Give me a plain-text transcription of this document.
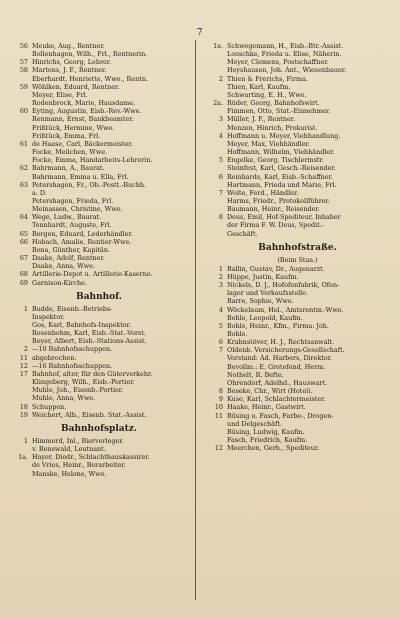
7
56 Meuke, Aug., Rentner.
Bollenhagen, Wilh., Frl., Rentnerin.
57 Hinrichs, Georg, Lehrer.
58 Martens, J. F., Rentner.
Eberhardt, Henriette, Wwe., Rentn.
59 Wöhlken, Eduard, Rentner.
Meyer, Elise, Frl.
Rodenbrock, Marie, Hausdame.
60 Eyting, Augustin, Eisb.-Rev.-Wwe.
Renmann, Ernst, Bankbeamter.
Frißtück, Hermine, Wwe.
Frißtück, Emma, Frl.
61 de Haase, Carl, Bäckermeister.
Focke, Meilchen, Wwe.
Focke, Emma, Handarbeits-Lehrerin.
62 Bahrmann, A., Baurat.
Bahrmann, Emma u. Ella, Frl.
63 Petershagen, Fr., Ob.-Postt.-Buchh.
a. D.
Petershagen, Frieda, Frl.
Meinassen, Christine, Wwe.
64 Wege, Ludw., Baurat.
Tennhardt, Auguste, Frl.
65 Bergen, Eduard, Lederhändler.
66 Hobach, Amalie, Rentier-Wwe.
Bona, Günther, Kapitän.
67 Daake, Adolf, Rentner.
Daake, Anna, Wwe.
68 Artillerie-Depot u. Artillerie-Kaserne.
69 Garnison-Kirche.
Bahnhof.
1 Budde, Eisenb.-Betriebs-
Inspektor.
Gos, Karl, Bahnhofs-Inspektor.
Rosenbohm, Karl, Eisb.-Stat.-Vorst.
Beyer, Albert, Eisb.-Stations-Assist.
2 —10 Bahnhofsschuppen.
11 abgebrochen.
12 —16 Bahnhofsschuppen.
17 Bahnhof, alter, für den Güterverkehr.
Klingeberg, Wilh., Eisb.-Portier.
Muhle, Joh., Eisenb.-Portier.
Muhle, Anna, Wwe.
18 Schuppen.
19 Weichert, Alb., Eisenb. Stat.-Assist.
Bahnhofsplatz.
1 Himmerd, Inl., Bierverleger.
v. Renswald, Leutnant.
1a. Hayer, Diedr., Schlachthauskassirer.
de Vries, Heinr., Berarbeiter.
Manske, Helene, Wwe.
1a. Schwegemann, H., Eisb.-Btr.-Assist.
Loeschke, Frieda u. Elise, Näherin.
Meyer, Clemens, Postschaffner.
Heyshausen, Joh. Ant., Wiesenbauer.
2 Thien & Frerichs, Firma.
Thien, Karl, Kaufm.
Schwarting, E. H., Wwe.
2a. Rüder, Georg, Bahnhofswirt.
Fimmen, Otto, Stat.-Einnehmer.
3 Müller, J. F., Rentner.
Menzen, Hinrich, Prokurist.
4 Hoffmann u. Meyer, Viehhandlung.
Meyer, Max, Viehhändler.
Hoffmann, Wilhelm, Viehhändler.
5 Engelke, Georg, Tischlermstr.
Steinfest, Karl, Gesch.-Reisender.
6 Reinhards, Karl, Eisb.-Schaffner.
Hartmann, Frieda und Marie, Frl.
7 Wolte, Ferd., Händler.
Harms, Friedr., Protokollführer.
Baumann, Heinr., Reisender.
8 Deus, Emil, Hof-Spediteur, Inhaber
der Firma F. W. Deus, Spedit.-
Geschäft.
Bahnhofstraße.
(Beim Staa.)
1 Ballin, Gustav, Dr., Augenarzt.
2 Hüppe, Justin, Kaufm.
3 Nickels, D. J., Hofofenfabrik, Ofen-
lager und Verkaufsstelle.
Barre, Sophie, Wwe.
4 Wöckelaum, Hel., Amtsrentm.-Wwe.
Behle, Leopold, Kaufm.
5 Bohle, Heinr., Kfm., Firma: Joh.
Bohle.
6 Krahnstöver, H. J., Rechtsanwalt.
7 Oldenb. Versicherungs-Gesellschaft.
Vorstand: Ad. Harbers, Direktor.
Bevollm.: E. Grotefend, Herm.
Nothelt, R. Befte.
Ohrendorf, Adelhd., Hauswart.
8 Beseke, Chr., Wirt (Hotel).
9 Kuse, Karl, Schlachtermeister.
10 Haake, Heinr., Gastwirt.
11 Büsing u. Fasch, Farbe-, Drogen-
und Delgeschäft.
Büsing, Ludwig, Kaufm.
Fasch, Friedrich, Kaufm.
12 Meerchen, Gerh., Spediteur.
